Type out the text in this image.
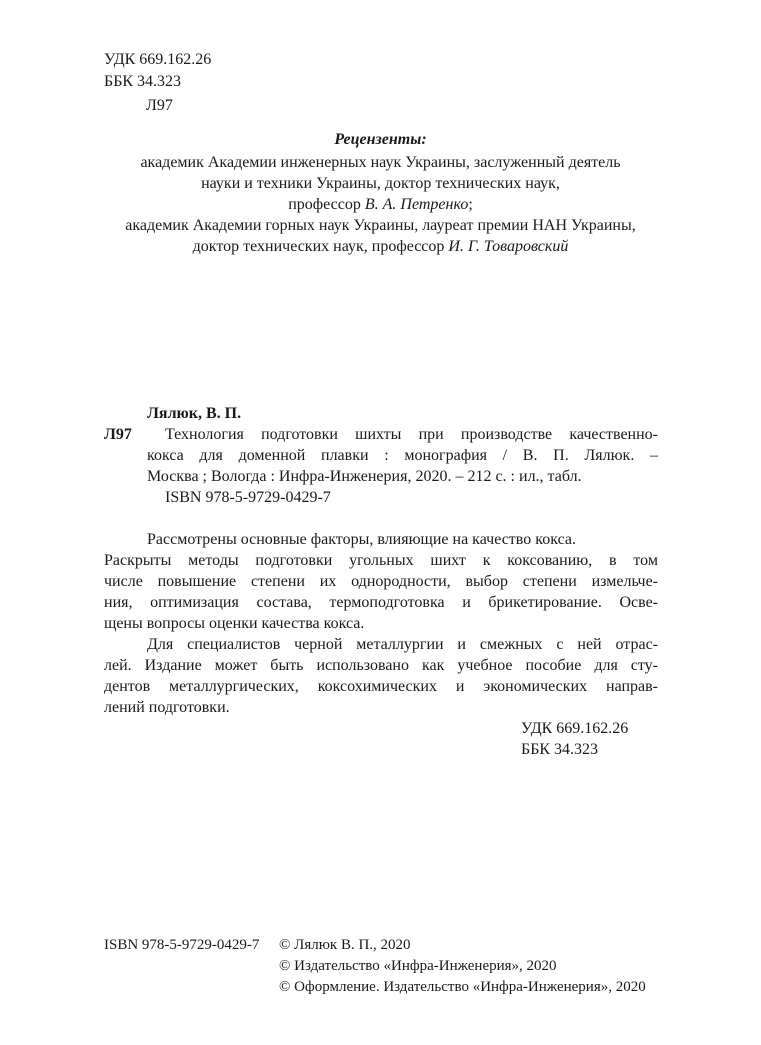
УДК 669.162.26
ББК 34.323
Л97
Рецензенты:
академик Академии инженерных наук Украины, заслуженный деятель
науки и техники Украины, доктор технических наук,
профессор В. А. Петренко;
академик Академии горных наук Украины, лауреат премии НАН Украины,
доктор технических наук, профессор И. Г. Товаровский
Лялюк, В. П.
Л97 Технология подготовки шихты при производстве качественно-
кокса для доменной плавки : монография / В. П. Лялюк. –
Москва ; Вологда : Инфра-Инженерия, 2020. – 212 с. : ил., табл.
ISBN 978-5-9729-0429-7
Рассмотрены основные факторы, влияющие на качество кокса.
Раскрыты методы подготовки угольных шихт к коксованию, в том
числе повышение степени их однородности, выбор степени измельче-
ния, оптимизация состава, термоподготовка и брикетирование. Осве-
щены вопросы оценки качества кокса.
Для специалистов черной металлургии и смежных с ней отрас-
лей. Издание может быть использовано как учебное пособие для сту-
дентов металлургических, коксохимических и экономических направ-
лений подготовки.
УДК 669.162.26
ББК 34.323
ISBN 978-5-9729-0429-7 © Лялюк В. П., 2020
© Издательство «Инфра-Инженерия», 2020
© Оформление. Издательство «Инфра-Инженерия», 2020
